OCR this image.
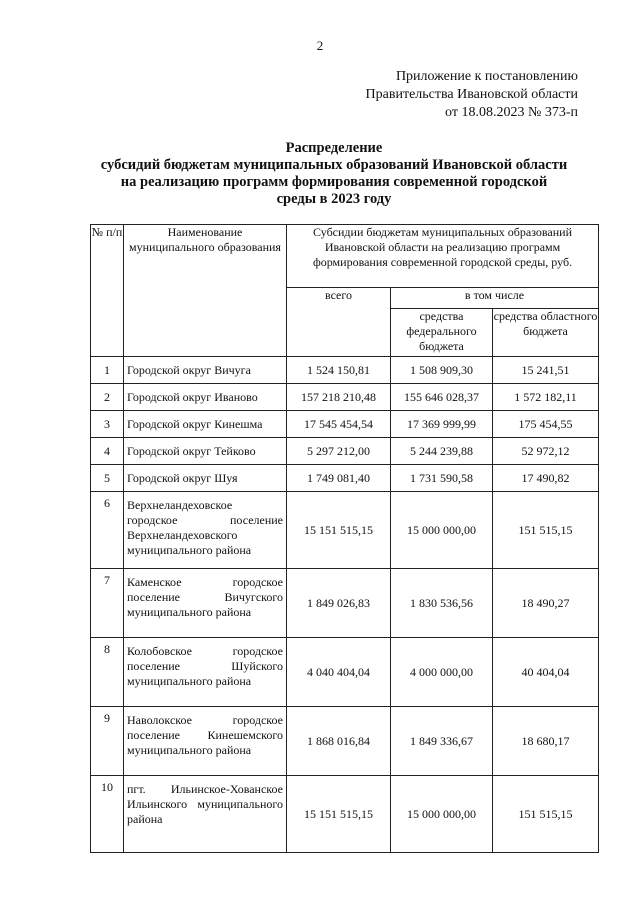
2
Приложение к постановлению
Правительства Ивановской области
от 18.08.2023 № 373-п
Распределение
субсидий бюджетам муниципальных образований Ивановской области
на реализацию программ формирования современной городской
среды в 2023 году
№ п/п	Наименование муниципального образования	Субсидии бюджетам муниципальных образований Ивановской области на реализацию программ формирования современной городской среды, руб.		
		всего	в том числе	
			средства федерального бюджета	средства областного бюджета
1	Городской округ Вичуга	1 524 150,81	1 508 909,30	15 241,51
2	Городской округ Иваново	157 218 210,48	155 646 028,37	1 572 182,11
3	Городской округ Кинешма	17 545 454,54	17 369 999,99	175 454,55
4	Городской округ Тейково	5 297 212,00	5 244 239,88	52 972,12
5	Городской округ Шуя	1 749 081,40	1 731 590,58	17 490,82
6	Верхнеландеховское городское поселение Верхнеландеховского муниципального района	15 151 515,15	15 000 000,00	151 515,15
7	Каменское городское поселение Вичугского муниципального района	1 849 026,83	1 830 536,56	18 490,27
8	Колобовское городское поселение Шуйского муниципального района	4 040 404,04	4 000 000,00	40 404,04
9	Наволокское городское поселение Кинешемского муниципального района	1 868 016,84	1 849 336,67	18 680,17
10	пгт. Ильинское-Хованское Ильинского муниципального района	15 151 515,15	15 000 000,00	151 515,15
